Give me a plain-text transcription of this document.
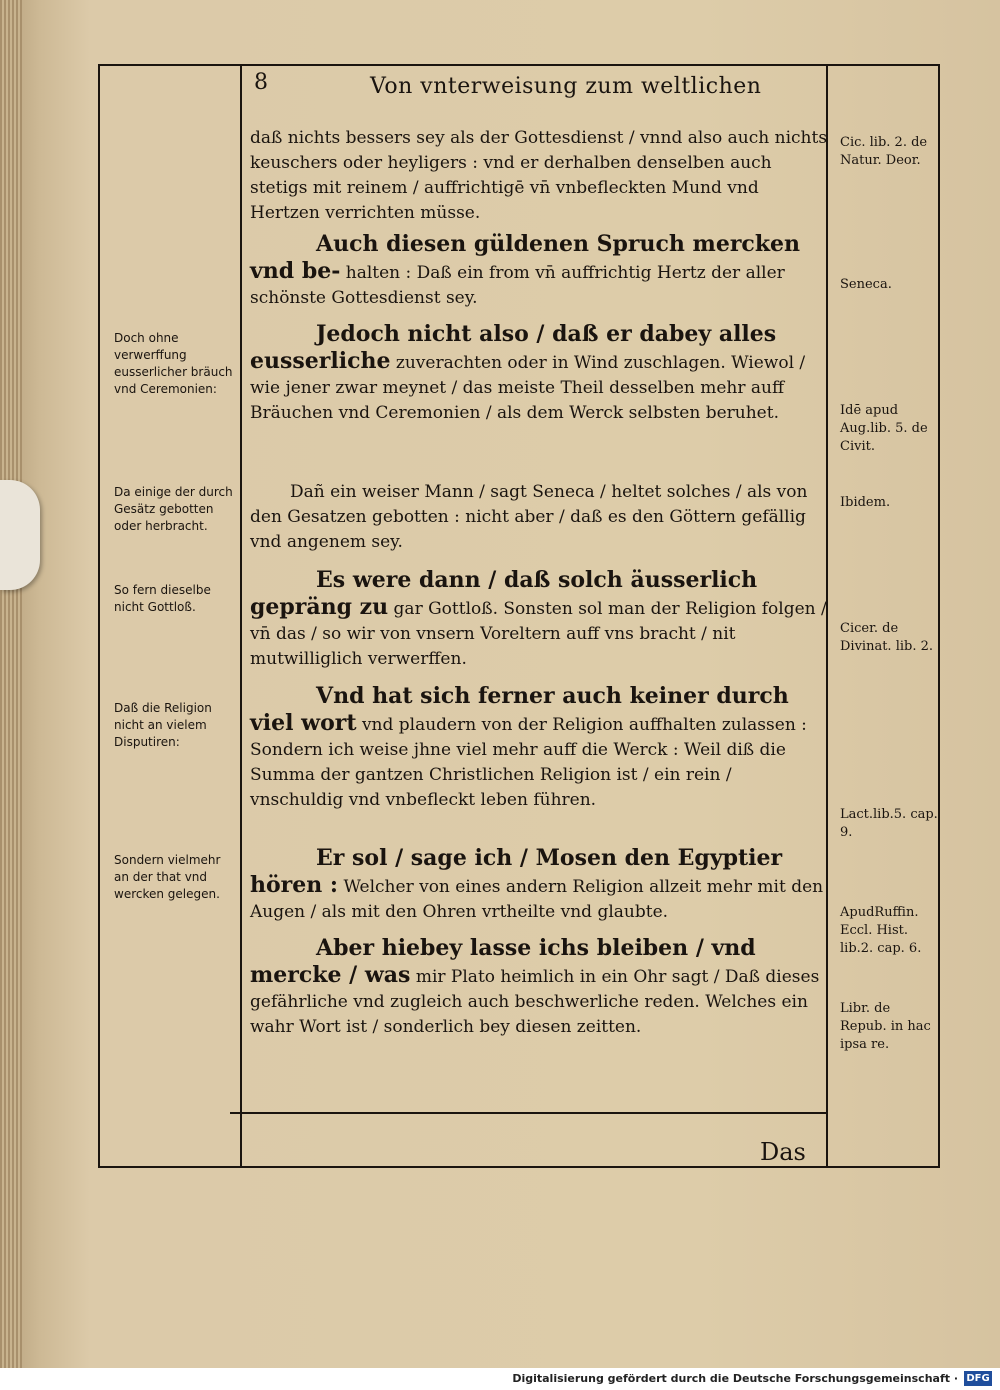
8	Von vnterweisung zum weltlichen
daß nichts bessers sey als der Gottesdienst / vnnd also auch nichts keuschers oder heyligers : vnd er derhalben denselben auch stetigs mit reinem / auffrichtigē vn̄ vnbefleckten Mund vnd Hertzen verrichten müsse.
Auch diesen güldenen Spruch mercken vnd be- halten : Daß ein from vn̄ auffrichtig Hertz der aller schönste Gottesdienst sey.
Jedoch nicht also / daß er dabey alles eusserliche zuverachten oder in Wind zuschlagen. Wiewol / wie jener zwar meynet / das meiste Theil desselben mehr auff Bräuchen vnd Ceremonien / als dem Werck selbsten beruhet.
Dañ ein weiser Mann / sagt Seneca / heltet solches / als von den Gesatzen gebotten : nicht aber / daß es den Göttern gefällig vnd angenem sey.
Es were dann / daß solch äusserlich gepräng zu gar Gottloß. Sonsten sol man der Religion folgen / vn̄ das / so wir von vnsern Voreltern auff vns bracht / nit mutwilliglich verwerffen.
Vnd hat sich ferner auch keiner durch viel wort vnd plaudern von der Religion auffhalten zulassen : Sondern ich weise jhne viel mehr auff die Werck : Weil diß die Summa der gantzen Christlichen Religion ist / ein rein / vnschuldig vnd vnbefleckt leben führen.
Er sol / sage ich / Mosen den Egyptier hören : Welcher von eines andern Religion allzeit mehr mit den Augen / als mit den Ohren vrtheilte vnd glaubte.
Aber hiebey lasse ichs bleiben / vnd mercke / was mir Plato heimlich in ein Ohr sagt / Daß dieses gefährliche vnd zugleich auch beschwerliche reden. Welches ein wahr Wort ist / sonderlich bey diesen zeitten.
Doch ohne verwerffung eusserlicher bräuch vnd Ceremonien:
Da einige der durch Gesätz gebotten oder herbracht.
So fern dieselbe nicht Gottloß.
Daß die Religion nicht an vielem Disputiren:
Sondern vielmehr an der that vnd wercken gelegen.
Cic. lib. 2. de Natur. Deor.
Seneca.
Idē apud Aug.lib. 5. de Civit.
Ibidem.
Cicer. de Divinat. lib. 2.
Lact.lib.5. cap. 9.
ApudRuffin. Eccl. Hist. lib.2. cap. 6.
Libr. de Repub. in hac ipsa re.
Das
Digitalisierung gefördert durch die Deutsche Forschungsgemeinschaft · DFG
